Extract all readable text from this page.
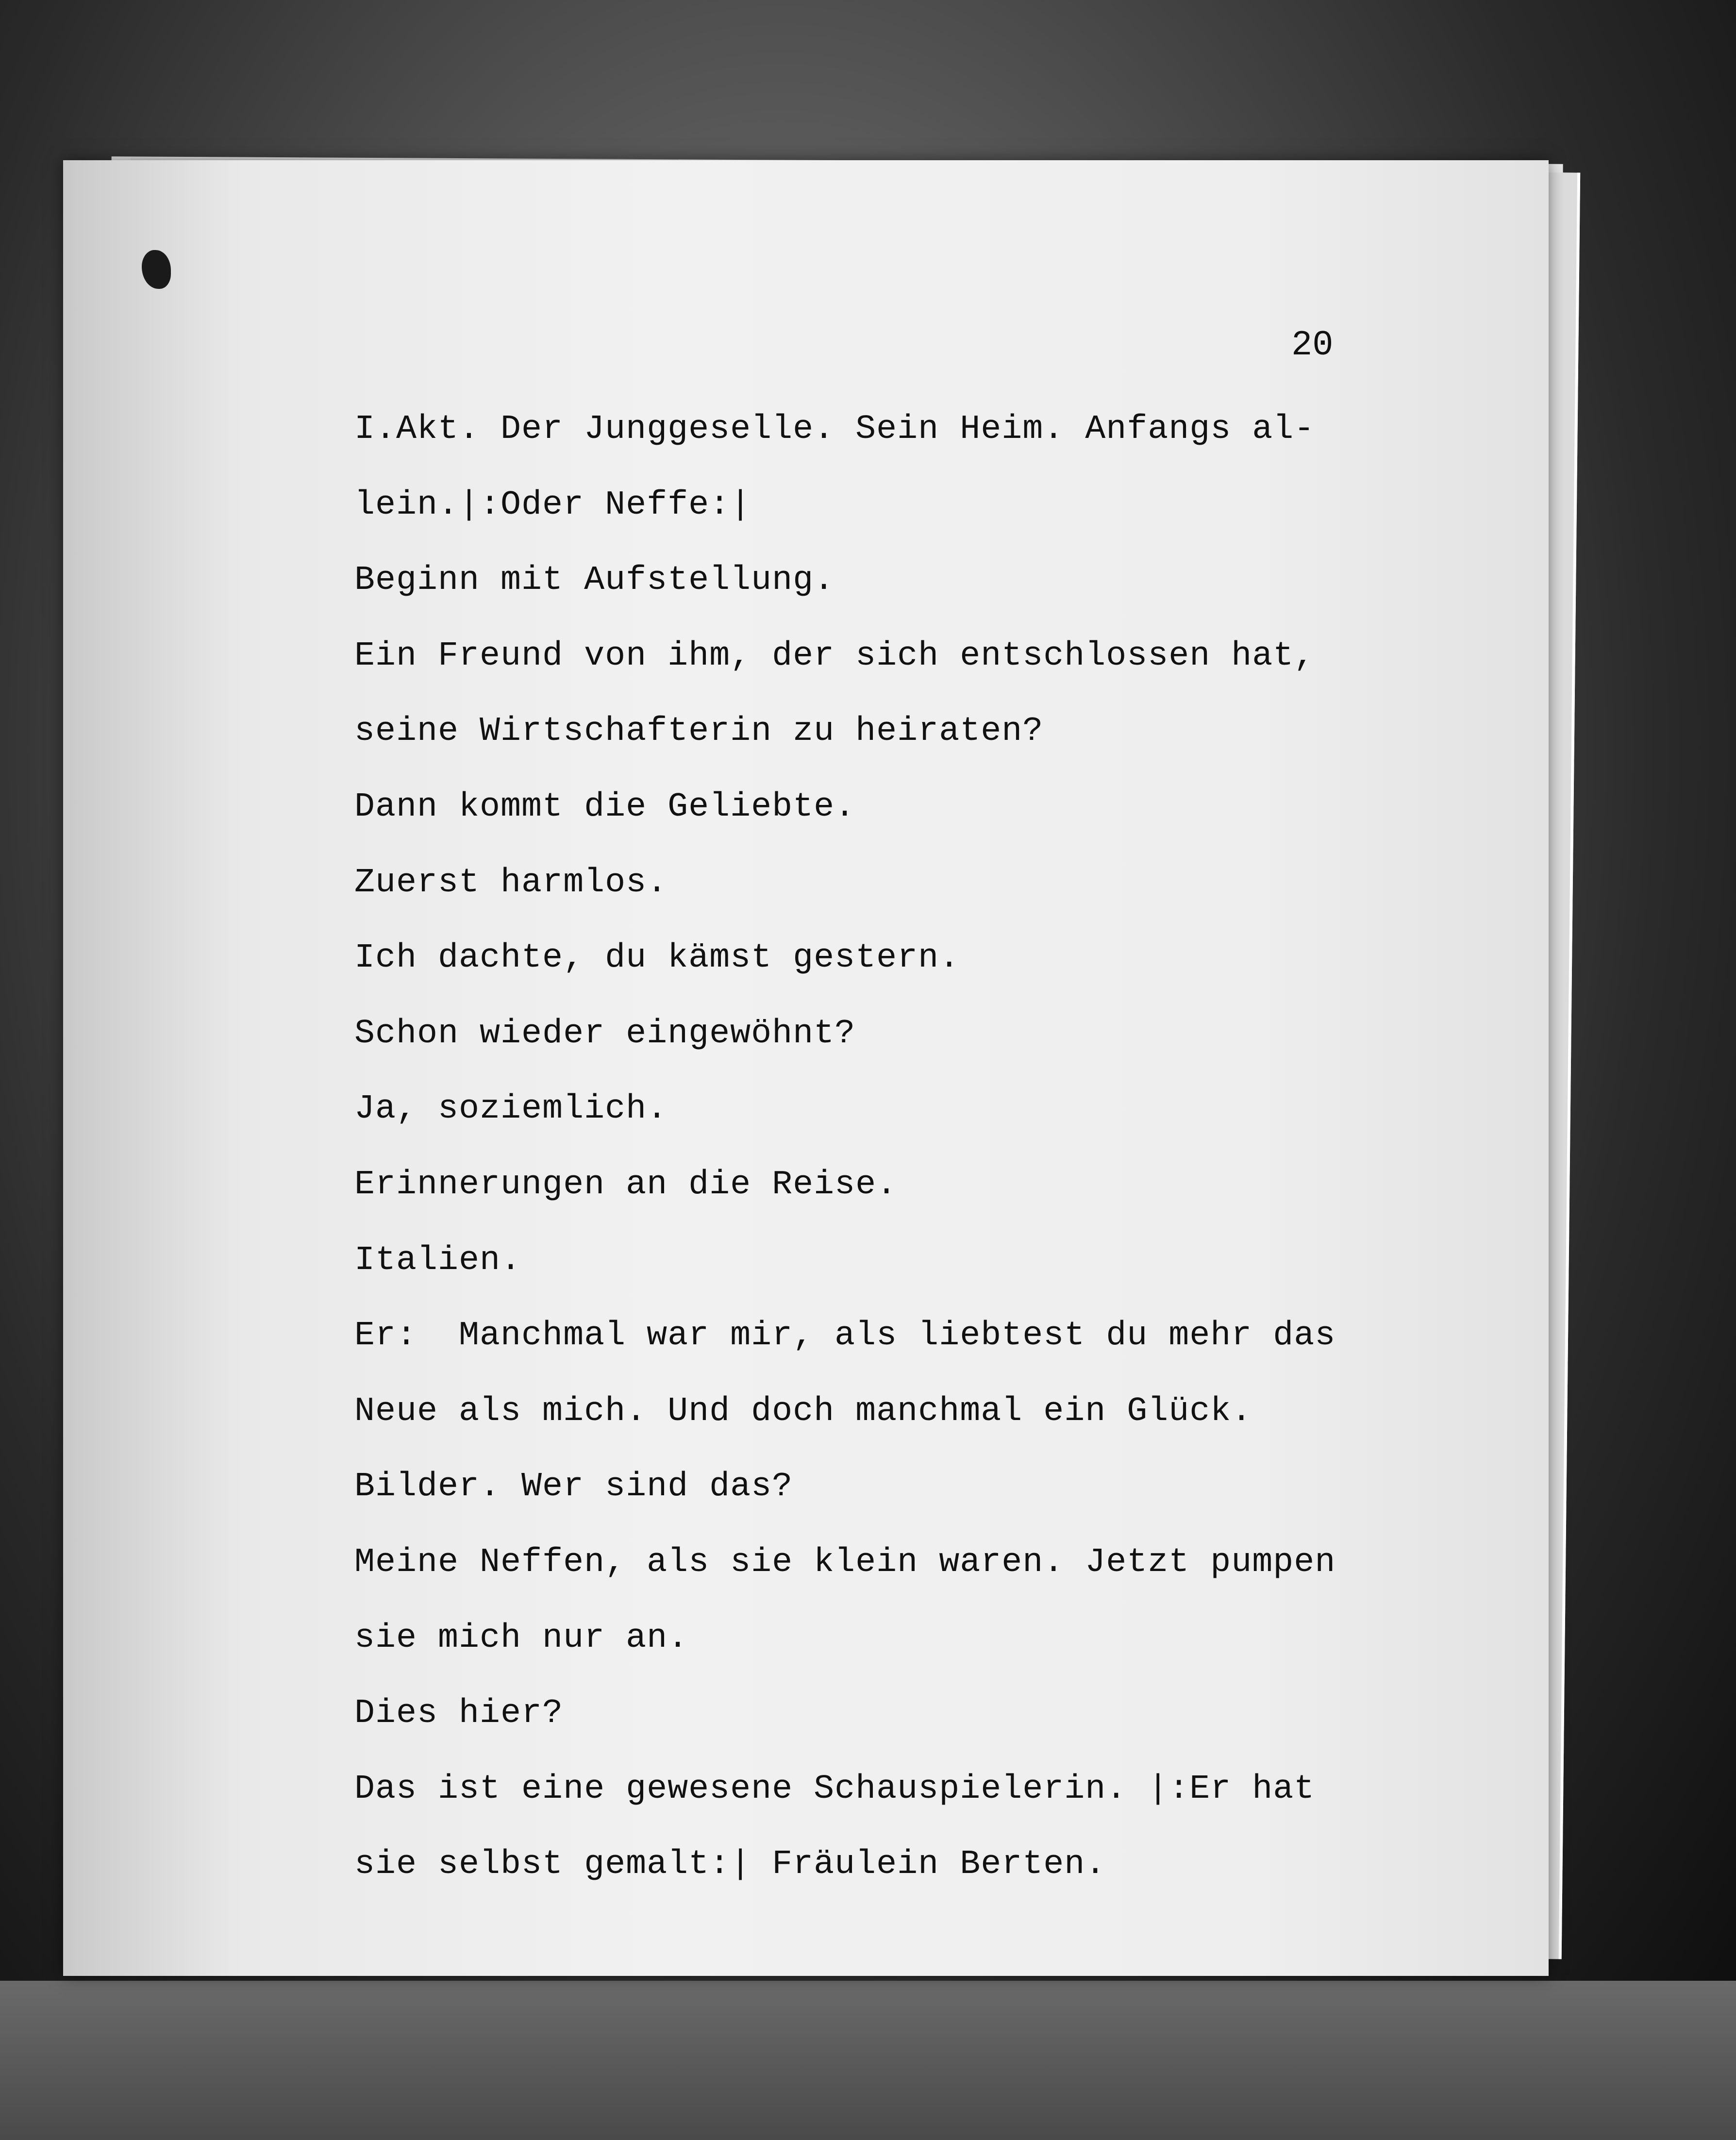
20
I.Akt. Der Junggeselle. Sein Heim. Anfangs al-
lein.|:Oder Neffe:|
Beginn mit Aufstellung.
Ein Freund von ihm, der sich entschlossen hat,
seine Wirtschafterin zu heiraten?
Dann kommt die Geliebte.
Zuerst harmlos.
Ich dachte, du kämst gestern.
Schon wieder eingewöhnt?
Ja, soziemlich.
Erinnerungen an die Reise.
Italien.
Er:  Manchmal war mir, als liebtest du mehr das
Neue als mich. Und doch manchmal ein Glück.
Bilder. Wer sind das?
Meine Neffen, als sie klein waren. Jetzt pumpen
sie mich nur an.
Dies hier?
Das ist eine gewesene Schauspielerin. |:Er hat
sie selbst gemalt:| Fräulein Berten.
